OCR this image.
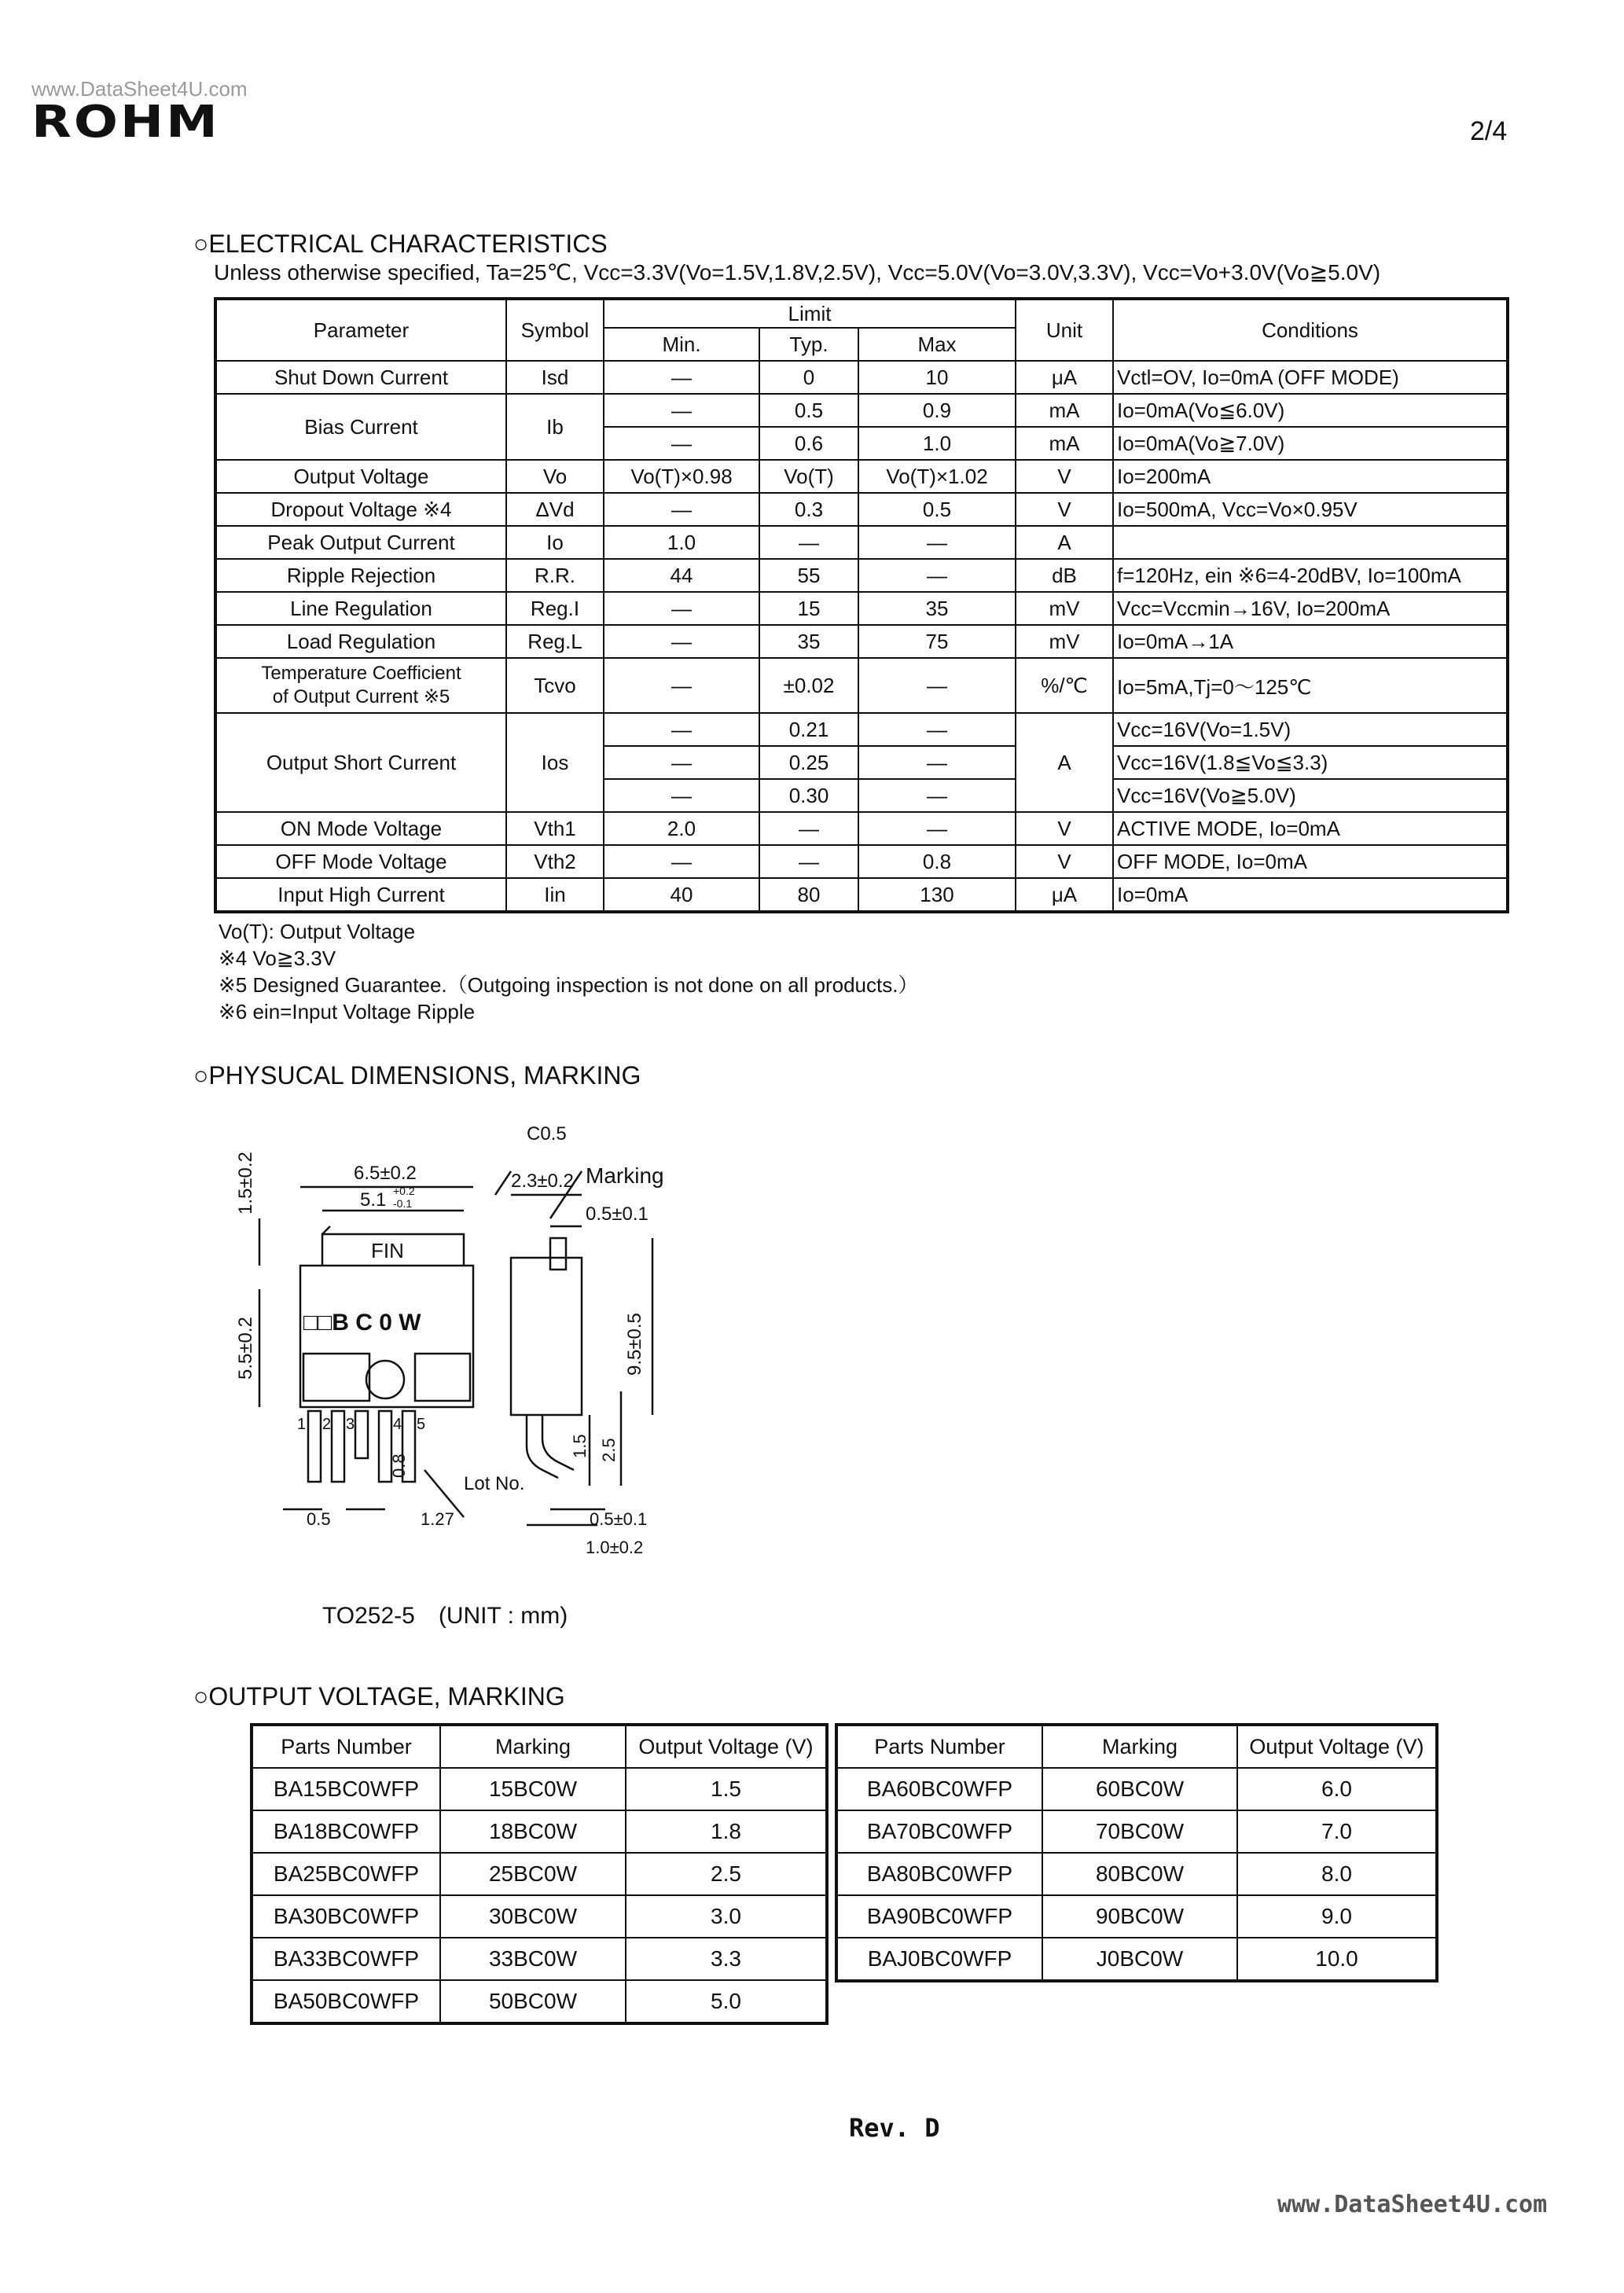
www.DataSheet4U.com
ROHM	2/4
○ELECTRICAL CHARACTERISTICS
Unless otherwise specified, Ta=25℃, Vcc=3.3V(Vo=1.5V,1.8V,2.5V), Vcc=5.0V(Vo=3.0V,3.3V), Vcc=Vo+3.0V(Vo≧5.0V)
Parameter	Symbol	Limit			Unit	Conditions
		Min.	Typ.	Max		
Shut Down Current	Isd	—	0	10	μA	Vctl=OV, Io=0mA (OFF MODE)
Bias Current	Ib	—	0.5	0.9	mA	Io=0mA(Vo≦6.0V)
		—	0.6	1.0	mA	Io=0mA(Vo≧7.0V)
Output Voltage	Vo	Vo(T)×0.98	Vo(T)	Vo(T)×1.02	V	Io=200mA
Dropout Voltage ※4	ΔVd	—	0.3	0.5	V	Io=500mA, Vcc=Vo×0.95V
Peak Output Current	Io	1.0	—	—	A	
Ripple Rejection	R.R.	44	55	—	dB	f=120Hz, ein ※6=4-20dBV, Io=100mA
Line Regulation	Reg.I	—	15	35	mV	Vcc=Vccmin→16V, Io=200mA
Load Regulation	Reg.L	—	35	75	mV	Io=0mA→1A

Temperature Coefficient
of Output Current ※5	Tcvo	—	±0.02	—	%/℃	Io=5mA,Tj=0～125℃
Output Short Current	Ios	—	0.21	—	A	Vcc=16V(Vo=1.5V)
		—	0.25	—		Vcc=16V(1.8≦Vo≦3.3)
		—	0.30	—		Vcc=16V(Vo≧5.0V)
ON Mode Voltage	Vth1	2.0	—	—	V	ACTIVE MODE, Io=0mA
OFF Mode Voltage	Vth2	—	—	0.8	V	OFF MODE, Io=0mA
Input High Current	Iin	40	80	130	μA	Io=0mA
Vo(T): Output Voltage
※4 Vo≧3.3V
※5 Designed Guarantee.（Outgoing inspection is not done on all products.）
※6 ein=Input Voltage Ripple
○PHYSUCAL DIMENSIONS, MARKING
C0.5
Marking
6.5±0.2
5.1 +0.2
-0.1
2.3±0.2
0.5±0.1
1.5±0.2
FIN
□□B C 0 W
5.5±0.2	9.5±0.5
1 2 3 4 5
0.8
1.5 2.5
Lot No.
0.5	1.27	0.5±0.1
1.0±0.2
TO252-5　(UNIT : mm)
○OUTPUT VOLTAGE, MARKING
Parts Number	Marking	Output Voltage (V)
BA15BC0WFP	15BC0W	1.5
BA18BC0WFP	18BC0W	1.8
BA25BC0WFP	25BC0W	2.5
BA30BC0WFP	30BC0W	3.0
BA33BC0WFP	33BC0W	3.3
BA50BC0WFP	50BC0W	5.0
Parts Number	Marking	Output Voltage (V)
BA60BC0WFP	60BC0W	6.0
BA70BC0WFP	70BC0W	7.0
BA80BC0WFP	80BC0W	8.0
BA90BC0WFP	90BC0W	9.0
BAJ0BC0WFP	J0BC0W	10.0
Rev. D
www.DataSheet4U.com
